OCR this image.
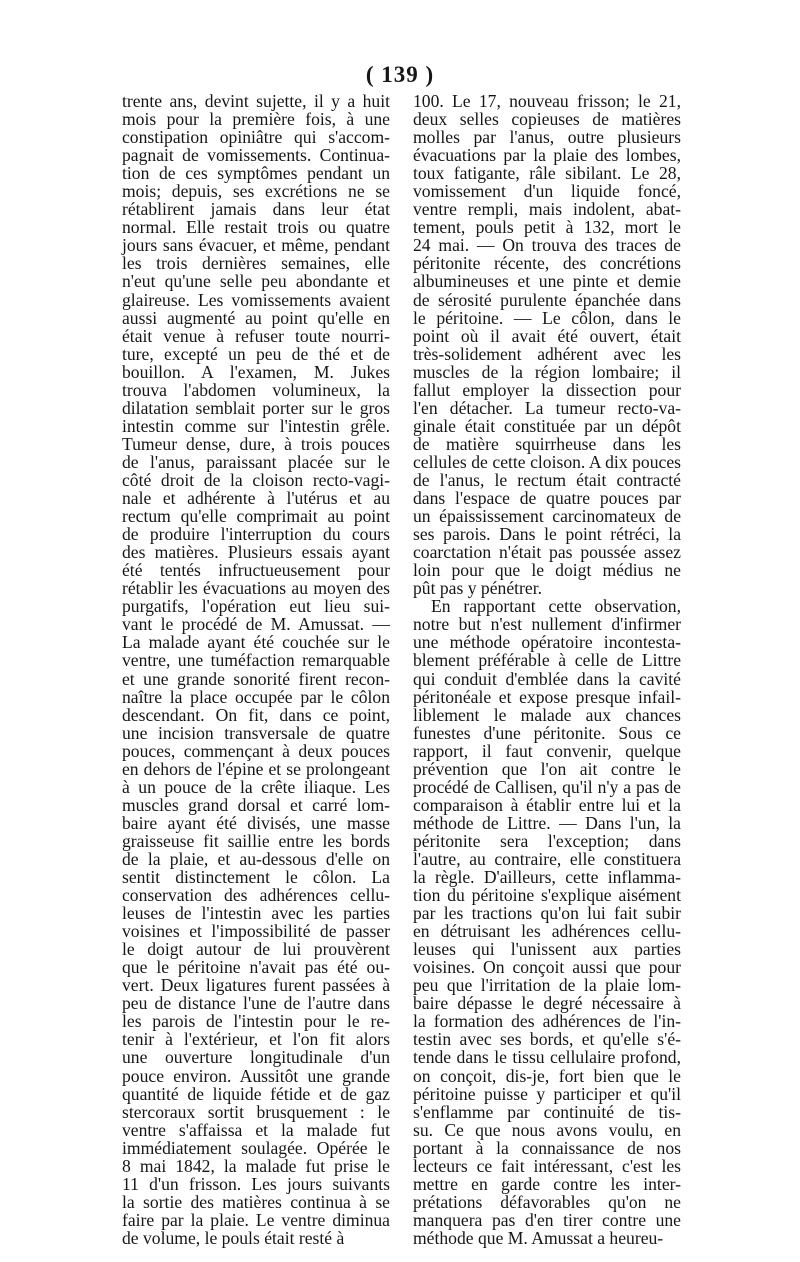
( 139 )
trente ans, devint sujette, il y a huit
mois pour la première fois, à une
constipation opiniâtre qui s'accom-
pagnait de vomissements. Continua-
tion de ces symptômes pendant un
mois; depuis, ses excrétions ne se
rétablirent jamais dans leur état
normal. Elle restait trois ou quatre
jours sans évacuer, et même, pendant
les trois dernières semaines, elle
n'eut qu'une selle peu abondante et
glaireuse. Les vomissements avaient
aussi augmenté au point qu'elle en
était venue à refuser toute nourri-
ture, excepté un peu de thé et de
bouillon. A l'examen, M. Jukes
trouva l'abdomen volumineux, la
dilatation semblait porter sur le gros
intestin comme sur l'intestin grêle.
Tumeur dense, dure, à trois pouces
de l'anus, paraissant placée sur le
côté droit de la cloison recto-vagi-
nale et adhérente à l'utérus et au
rectum qu'elle comprimait au point
de produire l'interruption du cours
des matières. Plusieurs essais ayant
été tentés infructueusement pour
rétablir les évacuations au moyen des
purgatifs, l'opération eut lieu sui-
vant le procédé de M. Amussat. —
La malade ayant été couchée sur le
ventre, une tuméfaction remarquable
et une grande sonorité firent recon-
naître la place occupée par le côlon
descendant. On fit, dans ce point,
une incision transversale de quatre
pouces, commençant à deux pouces
en dehors de l'épine et se prolongeant
à un pouce de la crête iliaque. Les
muscles grand dorsal et carré lom-
baire ayant été divisés, une masse
graisseuse fit saillie entre les bords
de la plaie, et au-dessous d'elle on
sentit distinctement le côlon. La
conservation des adhérences cellu-
leuses de l'intestin avec les parties
voisines et l'impossibilité de passer
le doigt autour de lui prouvèrent
que le péritoine n'avait pas été ou-
vert. Deux ligatures furent passées à
peu de distance l'une de l'autre dans
les parois de l'intestin pour le re-
tenir à l'extérieur, et l'on fit alors
une ouverture longitudinale d'un
pouce environ. Aussitôt une grande
quantité de liquide fétide et de gaz
stercoraux sortit brusquement : le
ventre s'affaissa et la malade fut
immédiatement soulagée. Opérée le
8 mai 1842, la malade fut prise le
11 d'un frisson. Les jours suivants
la sortie des matières continua à se
faire par la plaie. Le ventre diminua
de volume, le pouls était resté à
100. Le 17, nouveau frisson; le 21,
deux selles copieuses de matières
molles par l'anus, outre plusieurs
évacuations par la plaie des lombes,
toux fatigante, râle sibilant. Le 28,
vomissement d'un liquide foncé,
ventre rempli, mais indolent, abat-
tement, pouls petit à 132, mort le
24 mai. — On trouva des traces de
péritonite récente, des concrétions
albumineuses et une pinte et demie
de sérosité purulente épanchée dans
le péritoine. — Le côlon, dans le
point où il avait été ouvert, était
très-solidement adhérent avec les
muscles de la région lombaire; il
fallut employer la dissection pour
l'en détacher. La tumeur recto-va-
ginale était constituée par un dépôt
de matière squirrheuse dans les
cellules de cette cloison. A dix pouces
de l'anus, le rectum était contracté
dans l'espace de quatre pouces par
un épaississement carcinomateux de
ses parois. Dans le point rétréci, la
coarctation n'était pas poussée assez
loin pour que le doigt médius ne
pût pas y pénétrer.
En rapportant cette observation,
notre but n'est nullement d'infirmer
une méthode opératoire incontesta-
blement préférable à celle de Littre
qui conduit d'emblée dans la cavité
péritonéale et expose presque infail-
liblement le malade aux chances
funestes d'une péritonite. Sous ce
rapport, il faut convenir, quelque
prévention que l'on ait contre le
procédé de Callisen, qu'il n'y a pas de
comparaison à établir entre lui et la
méthode de Littre. — Dans l'un, la
péritonite sera l'exception; dans
l'autre, au contraire, elle constituera
la règle. D'ailleurs, cette inflamma-
tion du péritoine s'explique aisément
par les tractions qu'on lui fait subir
en détruisant les adhérences cellu-
leuses qui l'unissent aux parties
voisines. On conçoit aussi que pour
peu que l'irritation de la plaie lom-
baire dépasse le degré nécessaire à
la formation des adhérences de l'in-
testin avec ses bords, et qu'elle s'é-
tende dans le tissu cellulaire profond,
on conçoit, dis-je, fort bien que le
péritoine puisse y participer et qu'il
s'enflamme par continuité de tis-
su. Ce que nous avons voulu, en
portant à la connaissance de nos
lecteurs ce fait intéressant, c'est les
mettre en garde contre les inter-
prétations défavorables qu'on ne
manquera pas d'en tirer contre une
méthode que M. Amussat a heureu-
